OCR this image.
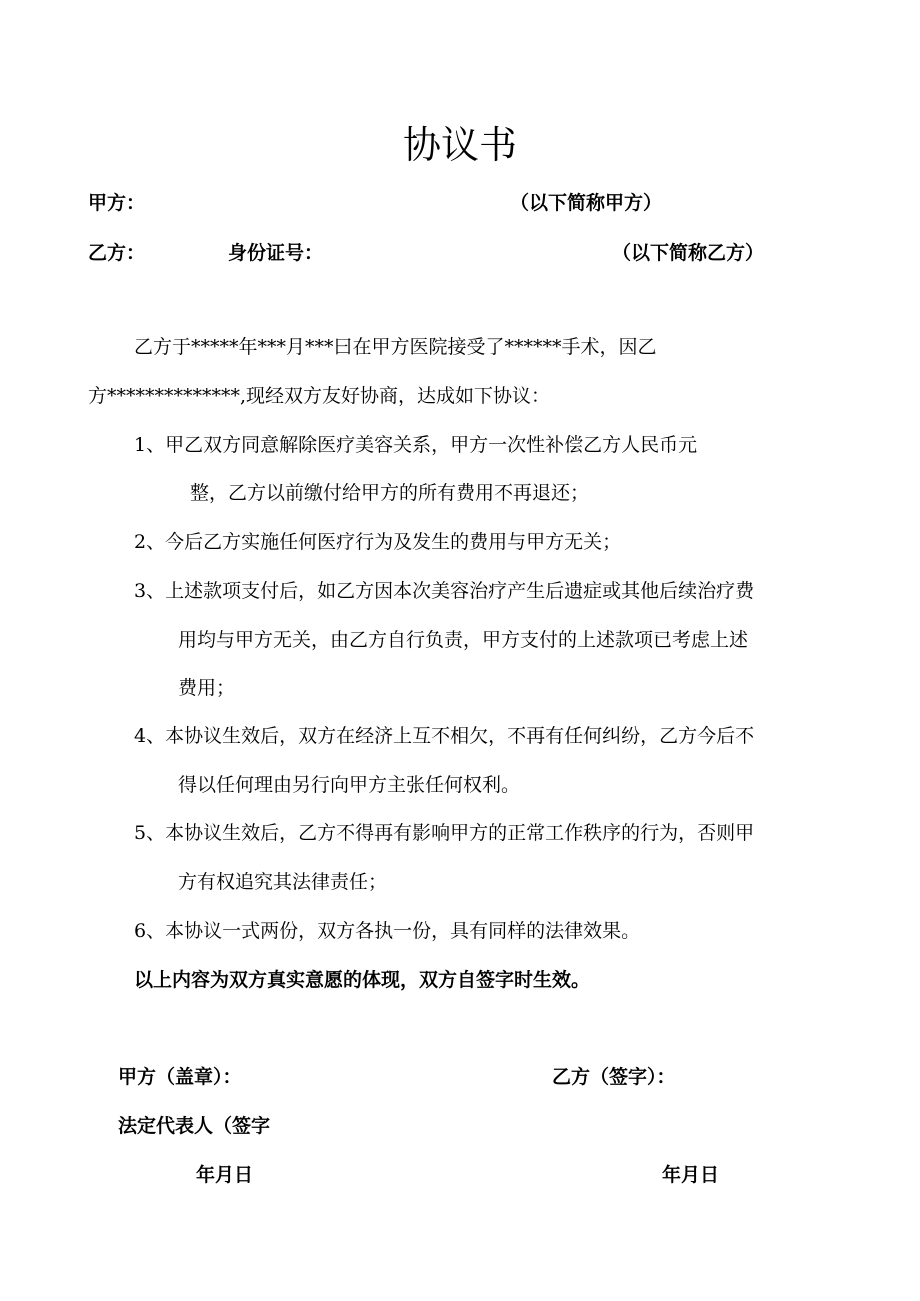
协议书
甲方：	（以下简称甲方）
乙方：	身份证号：	（以下简称乙方）
乙方于*****年***月***曰在甲方医院接受了******手术，因乙
方**************,现经双方友好协商，达成如下协议：
1、甲乙双方同意解除医疗美容关系，甲方一次性补偿乙方人民币元
整，乙方以前缴付给甲方的所有费用不再退还；
2、今后乙方实施任何医疗行为及发生的费用与甲方无关；
3、上述款项支付后，如乙方因本次美容治疗产生后遗症或其他后续治疗费
用均与甲方无关，由乙方自行负责，甲方支付的上述款项已考虑上述
费用；
4、本协议生效后，双方在经济上互不相欠，不再有任何纠纷，乙方今后不
得以任何理由另行向甲方主张任何权利。
5、本协议生效后，乙方不得再有影响甲方的正常工作秩序的行为，否则甲
方有权追究其法律责任；
6、本协议一式两份，双方各执一份，具有同样的法律效果。
以上内容为双方真实意愿的体现，双方自签字时生效。
甲方（盖章）：	乙方（签字）：
法定代表人（签字
年月日	年月日
